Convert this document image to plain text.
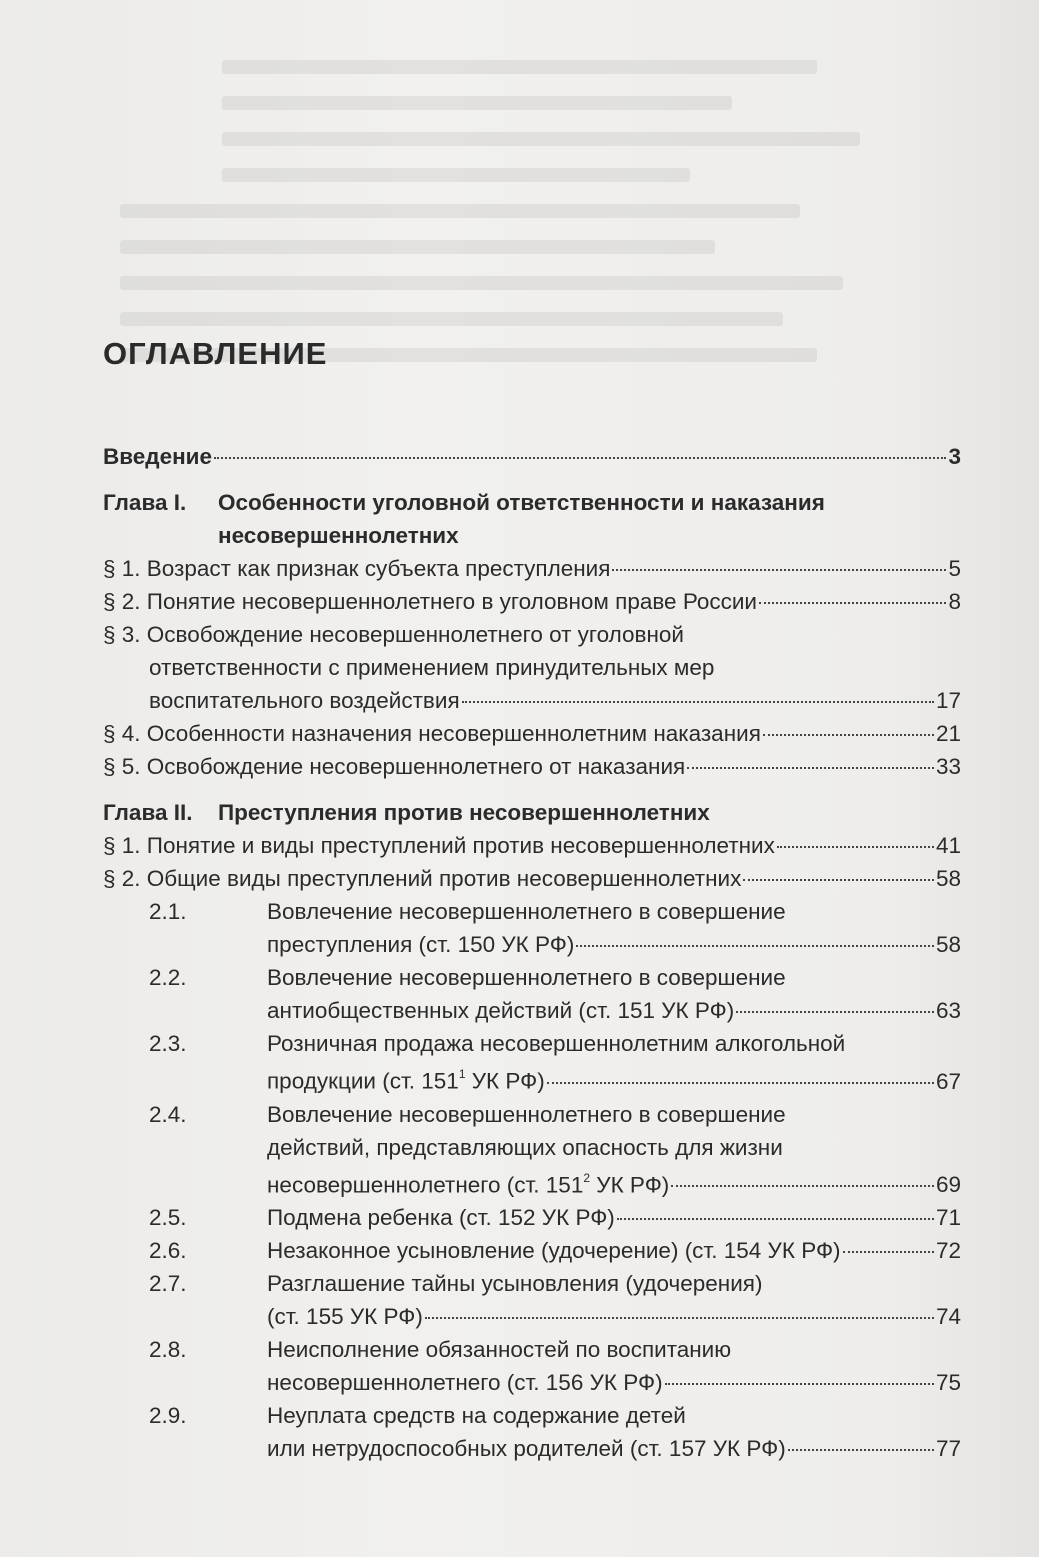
ОГЛАВЛЕНИЕ
Введение	3
Глава I.	Особенности уголовной ответственности и наказания
несовершеннолетних
§ 1. Возраст как признак субъекта преступления	5
§ 2. Понятие несовершеннолетнего в уголовном праве России	8
§ 3. Освобождение несовершеннолетнего от уголовной
ответственности с применением принудительных мер
воспитательного воздействия	17
§ 4. Особенности назначения несовершеннолетним наказания	21
§ 5. Освобождение несовершеннолетнего от наказания	33
Глава II.	Преступления против несовершеннолетних
§ 1. Понятие и виды преступлений против несовершеннолетних	41
§ 2. Общие виды преступлений против несовершеннолетних	58
2.1.	Вовлечение несовершеннолетнего в совершение
преступления (ст. 150 УК РФ)	58
2.2.	Вовлечение несовершеннолетнего в совершение
антиобщественных действий (ст. 151 УК РФ)	63
2.3.	Розничная продажа несовершеннолетним алкогольной
продукции (ст. $151^1$ УК РФ)	67
2.4.	Вовлечение несовершеннолетнего в совершение
действий, представляющих опасность для жизни
несовершеннолетнего (ст. $151^2$ УК РФ)	69
2.5.	Подмена ребенка (ст. 152 УК РФ)	71
2.6.	Незаконное усыновление (удочерение) (ст. 154 УК РФ)	72
2.7.	Разглашение тайны усыновления (удочерения)
(ст. 155 УК РФ)	74
2.8.	Неисполнение обязанностей по воспитанию
несовершеннолетнего (ст. 156 УК РФ)	75
2.9.	Неуплата средств на содержание детей
или нетрудоспособных родителей (ст. 157 УК РФ)	77
